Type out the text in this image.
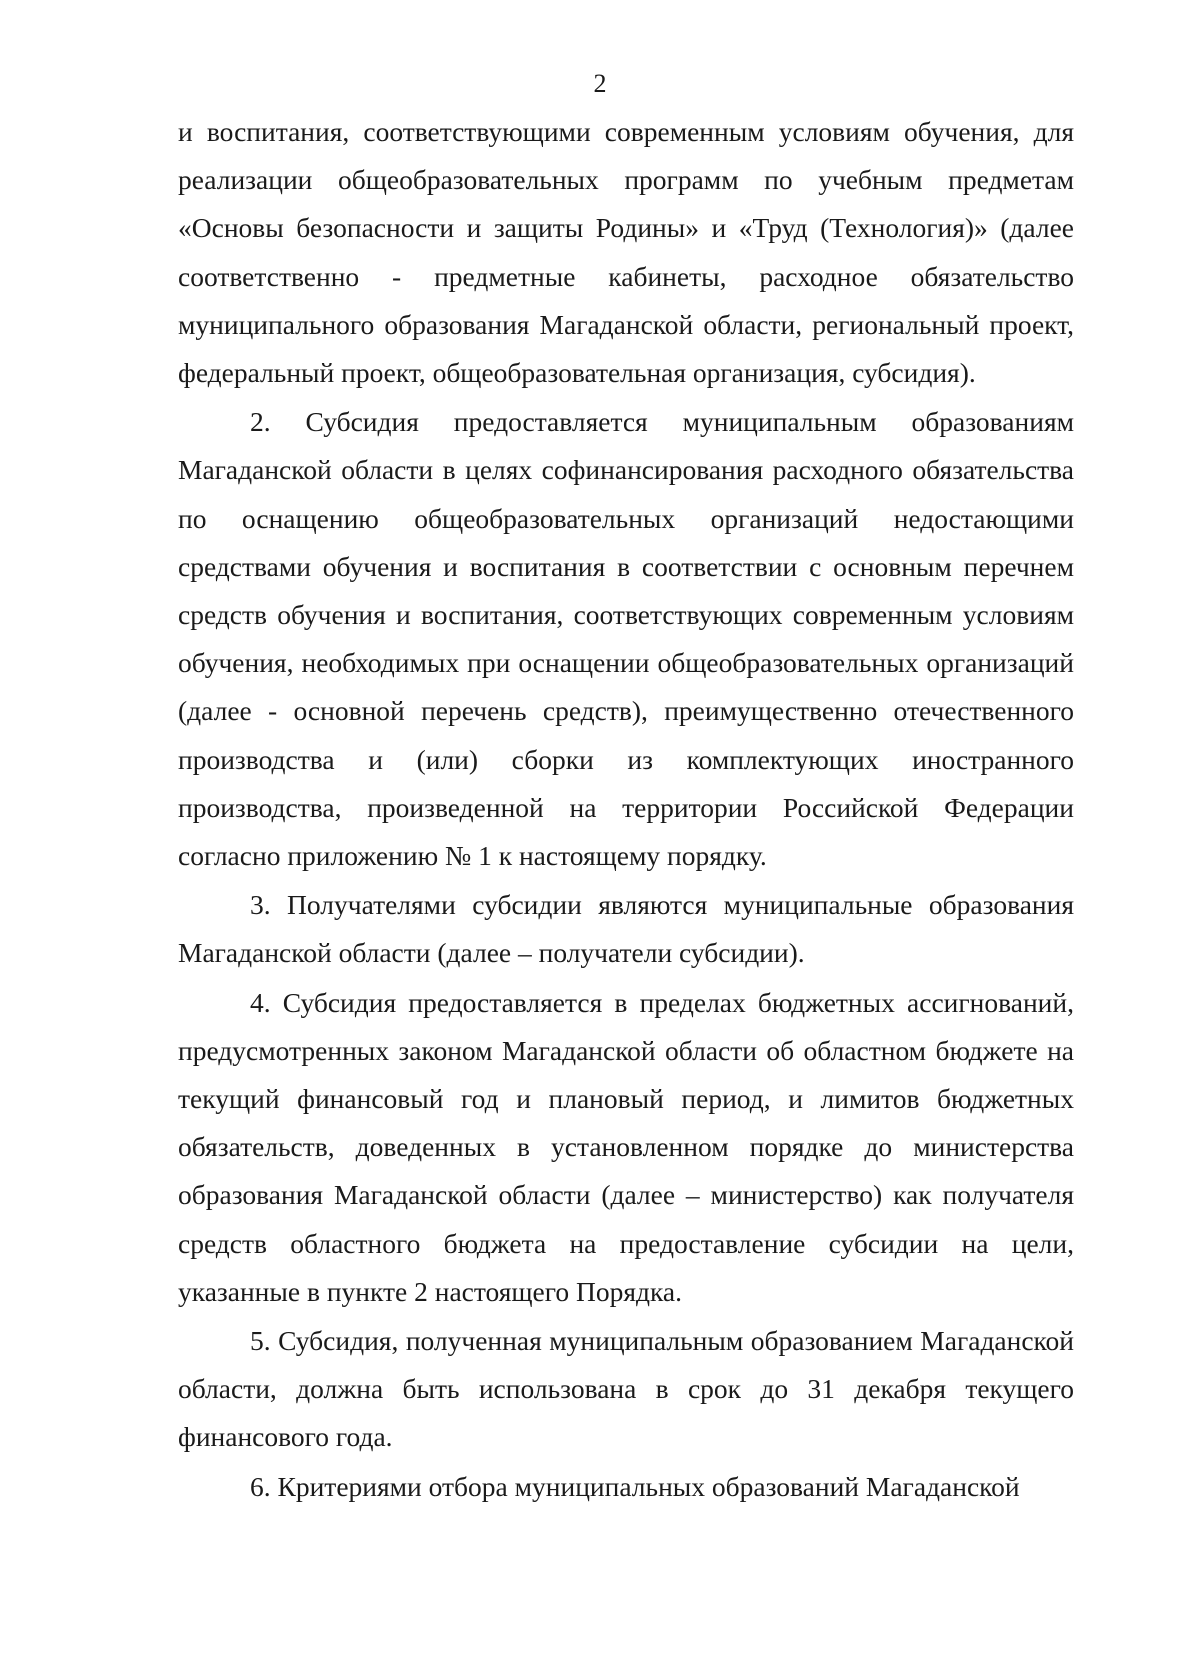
2

и воспитания, соответствующими современным условиям обучения, для реализации общеобразовательных программ по учебным предметам «Основы безопасности и защиты Родины» и «Труд (Технология)» (далее соответственно - предметные кабинеты, расходное обязательство муниципального образования Магаданской области, региональный проект, федеральный проект, общеобразовательная организация, субсидия).

2. Субсидия предоставляется муниципальным образованиям Магаданской области в целях софинансирования расходного обязательства по оснащению общеобразовательных организаций недостающими средствами обучения и воспитания в соответствии с основным перечнем средств обучения и воспитания, соответствующих современным условиям обучения, необходимых при оснащении общеобразовательных организаций (далее - основной перечень средств), преимущественно отечественного производства и (или) сборки из комплектующих иностранного производства, произведенной на территории Российской Федерации согласно приложению № 1 к настоящему порядку.

3. Получателями субсидии являются муниципальные образования Магаданской области (далее – получатели субсидии).

4. Субсидия предоставляется в пределах бюджетных ассигнований, предусмотренных законом Магаданской области об областном бюджете на текущий финансовый год и плановый период, и лимитов бюджетных обязательств, доведенных в установленном порядке до министерства образования Магаданской области (далее – министерство) как получателя средств областного бюджета на предоставление субсидии на цели, указанные в пункте 2 настоящего Порядка.

5. Субсидия, полученная муниципальным образованием Магаданской области, должна быть использована в срок до 31 декабря текущего финансового года.

6. Критериями отбора муниципальных образований Магаданской
